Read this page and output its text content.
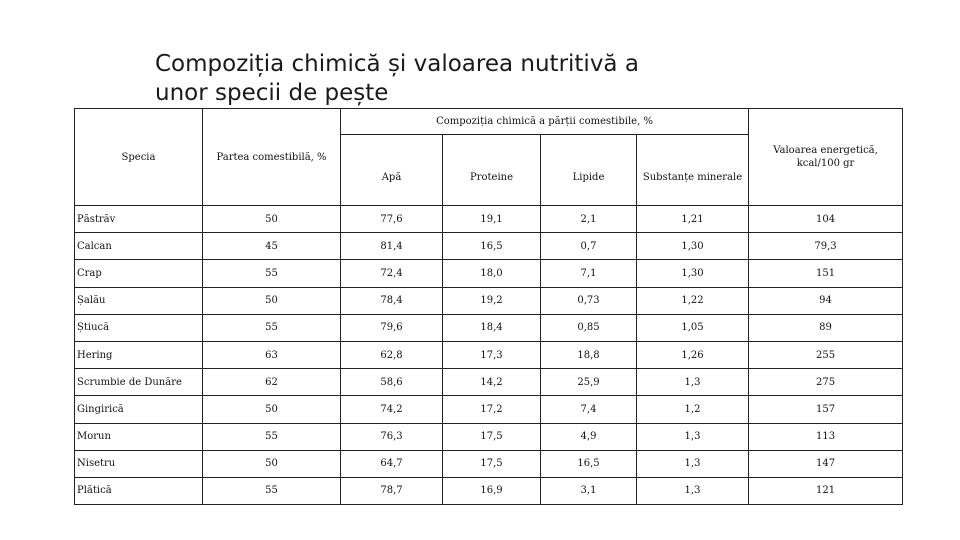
Compoziția chimică și valoarea nutritivă a
unor specii de pește
Specia	Partea comestibilă, %	Compoziția chimică a părții comestibile, %				Valoarea energetică, kcal/100 gr
		Apă	Proteine	Lipide	Substanțe minerale	
Păstrăv	50	77,6	19,1	2,1	1,21	104
Calcan	45	81,4	16,5	0,7	1,30	79,3
Crap	55	72,4	18,0	7,1	1,30	151
Șalău	50	78,4	19,2	0,73	1,22	94
Știucă	55	79,6	18,4	0,85	1,05	89
Hering	63	62,8	17,3	18,8	1,26	255
Scrumbie de Dunăre	62	58,6	14,2	25,9	1,3	275
Gingirică	50	74,2	17,2	7,4	1,2	157
Morun	55	76,3	17,5	4,9	1,3	113
Nisetru	50	64,7	17,5	16,5	1,3	147
Plătică	55	78,7	16,9	3,1	1,3	121
